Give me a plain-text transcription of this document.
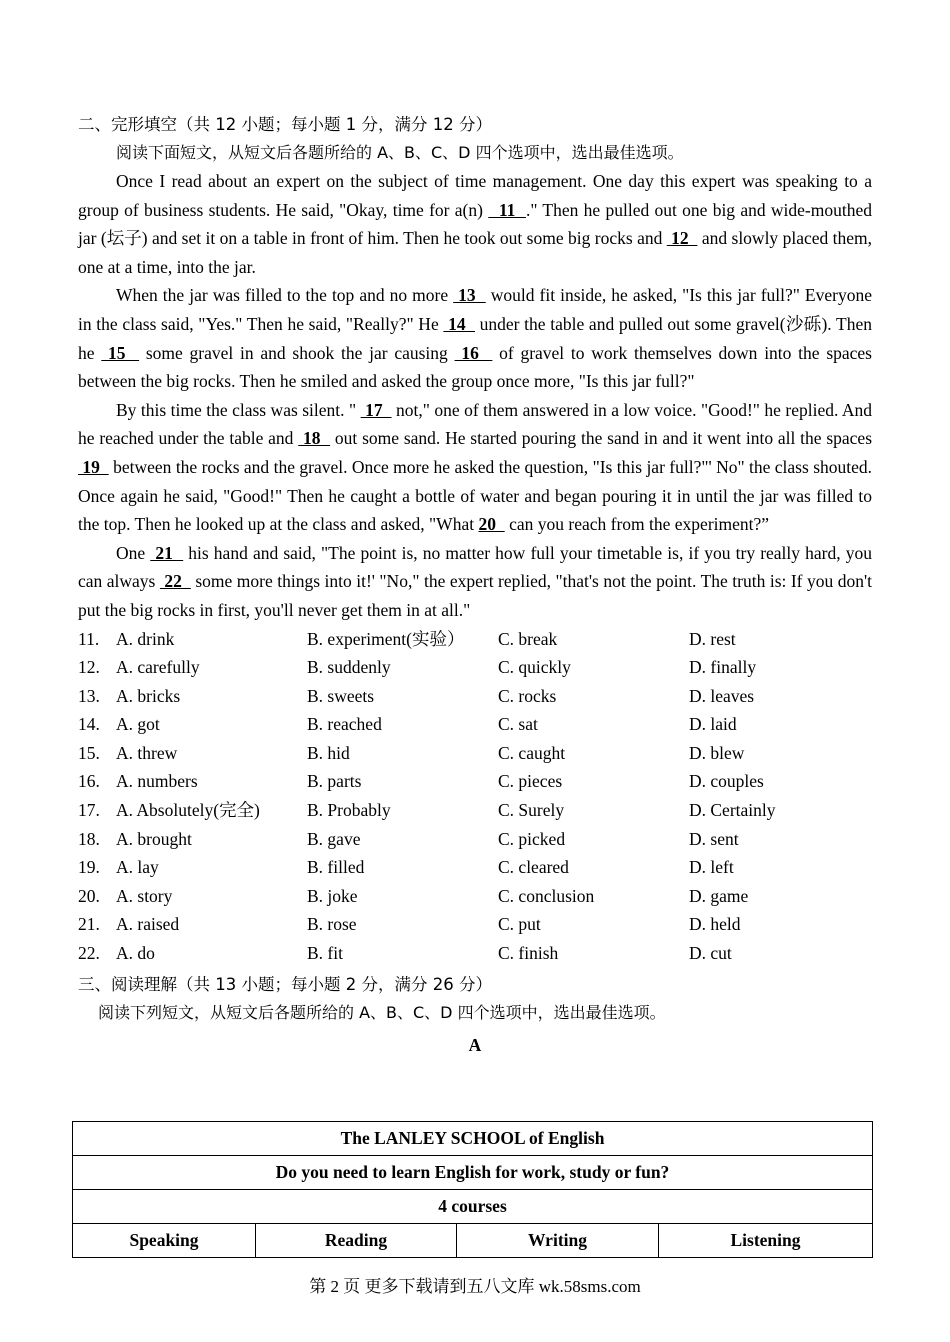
二、完形填空（共 12 小题；每小题 1 分，满分 12 分）
阅读下面短文，从短文后各题所给的 A、B、C、D 四个选项中，选出最佳选项。

Once I read about an expert on the subject of time management. One day this expert was speaking to a group of business students. He said, "Okay, time for a(n)   11  ." Then he pulled out one big and wide-mouthed jar (坛子) and set it on a table in front of him. Then he took out some big rocks and  12   and slowly placed them, one at a time, into the jar.

When the jar was filled to the top and no more  13   would fit inside, he asked, "Is this jar full?" Everyone in the class said, "Yes." Then he said, "Really?" He  14   under the table and pulled out some gravel(沙砾). Then he  15   some gravel in and shook the jar causing  16   of gravel to work themselves down into the spaces between the big rocks. Then he smiled and asked the group once more, "Is this jar full?"

By this time the class was silent. "  17   not," one of them answered in a low voice. "Good!" he replied. And he reached under the table and  18   out some sand. He started pouring the sand in and it went into all the spaces  19   between the rocks and the gravel. Once more he asked the question, "Is this jar full?"' No" the class shouted. Once again he said, "Good!" Then he caught a bottle of water and began pouring it in until the jar was filled to the top. Then he looked up at the class and asked, "What 20   can you reach from the experiment?”

One  21   his hand and said, "The point is, no matter how full your timetable is, if you try really hard, you can always  22   some more things into it!' "No," the expert replied, "that's not the point. The truth is: If you don't put the big rocks in first, you'll never get them in at all."

11. A. drink	B. experiment(实验）	C. break	D. rest
12. A. carefully	B. suddenly	C. quickly	D. finally
13. A. bricks	B. sweets	C. rocks	D. leaves
14. A. got	B. reached	C. sat	D. laid
15. A. threw	B. hid	C. caught	D. blew
16. A. numbers	B. parts	C. pieces	D. couples
17. A. Absolutely(完全)	B. Probably	C. Surely	D. Certainly
18. A. brought	B. gave	C. picked	D. sent
19. A. lay	B. filled	C. cleared	D. left
20. A. story	B. joke	C. conclusion	D. game
21. A. raised	B. rose	C. put	D. held
22. A. do	B. fit	C. finish	D. cut
三、阅读理解（共 13 小题；每小题 2 分，满分 26 分）
阅读下列短文，从短文后各题所给的 A、B、C、D 四个选项中，选出最佳选项。
A
The LANLEY SCHOOL of English
Do you need to learn English for work, study or fun?
4 courses
Speaking	Reading	Writing	Listening
第 2 页 更多下载请到五八文库 wk.58sms.com
